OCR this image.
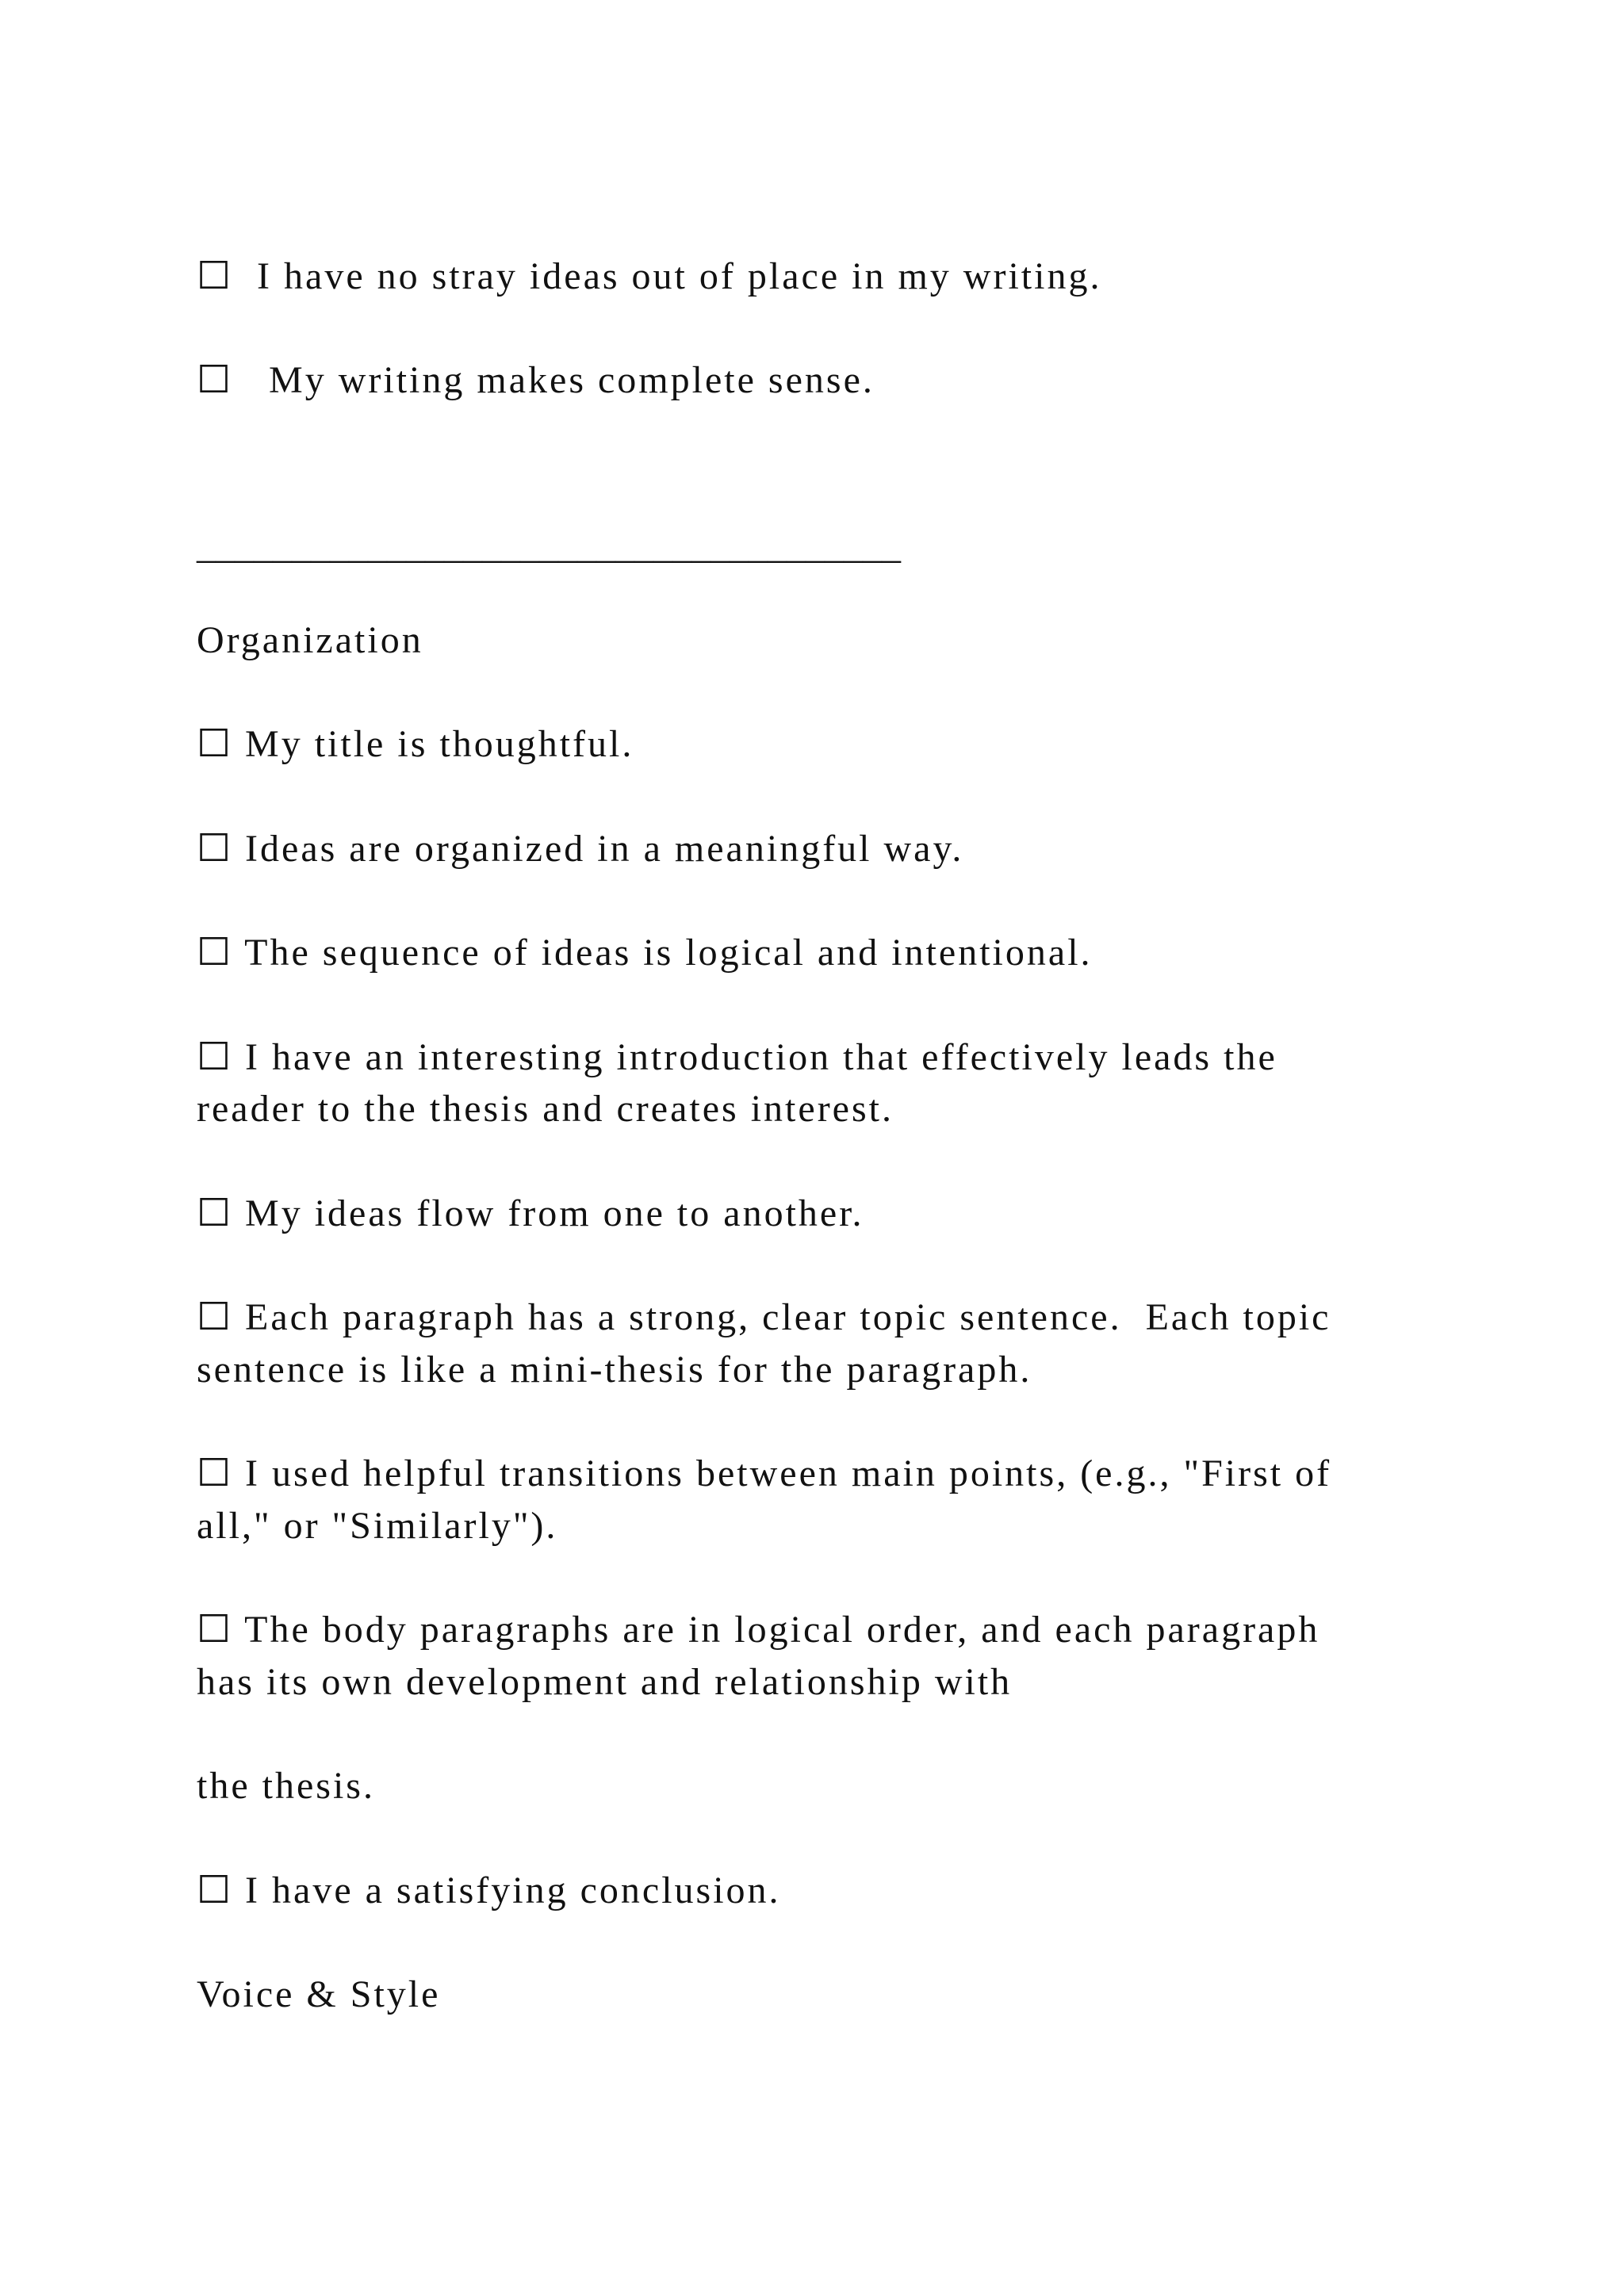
☐  I have no stray ideas out of place in my writing.
☐   My writing makes complete sense.
_____________________________________
Organization
☐ My title is thoughtful.
☐ Ideas are organized in a meaningful way.
☐ The sequence of ideas is logical and intentional.
☐ I have an interesting introduction that effectively leads the
reader to the thesis and creates interest.
☐ My ideas flow from one to another.
☐ Each paragraph has a strong, clear topic sentence.  Each topic
sentence is like a mini-thesis for the paragraph.
☐ I used helpful transitions between main points, (e.g., "First of
all," or "Similarly").
☐ The body paragraphs are in logical order, and each paragraph
has its own development and relationship with
the thesis.
☐ I have a satisfying conclusion.
Voice & Style
